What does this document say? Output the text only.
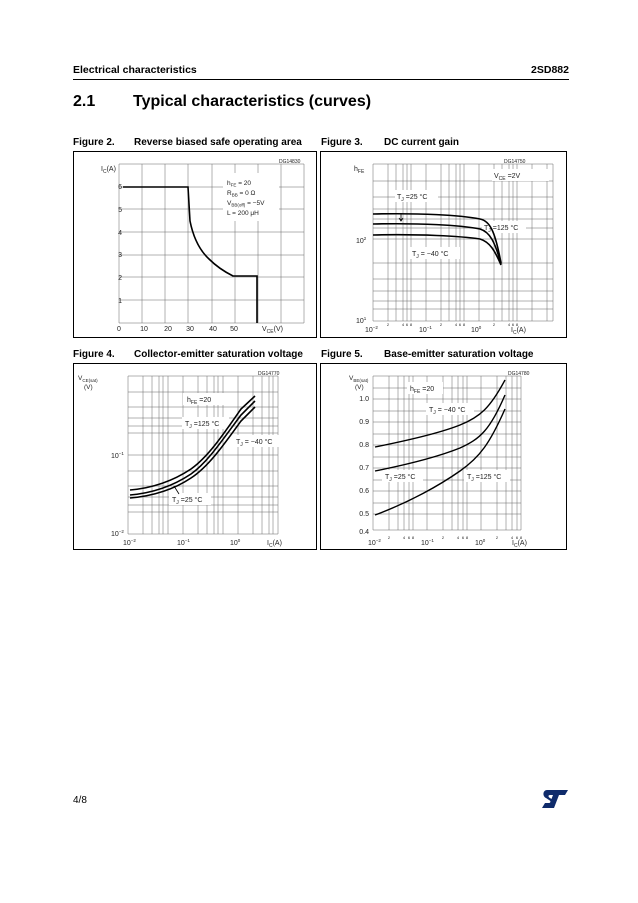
Electrical characteristics	2SD882
2.1 Typical characteristics (curves)
Figure 2. Reverse biased safe operating area Figure 3. DC current gain
Figure 4. Collector-emitter saturation voltage Figure 5. Base-emitter saturation voltage
DG14830
$I_C(A)$
6
5
4
3
2
1
0	10 20 30 40 50	$V_{CE}(V)$
$h_{FE} = 20$
$R_{BB} = 0$ Ω
$V_{BB(off)} = -5V$
L = 200 μH
DG14750
$h_{FE}$
$V_{CE} =2V$
$T_J =25$ °C
$T_J =125$ °C
$T_J = -40$ °C
$10^2$
$10^1$
$10^{-2}$	$10^{-1}$	$10^0$
2	4 6 8	2	4 6 8	2	4 6 8
$I_C(A)$
DG14770
$V_{CE(sat)}$
(V)
$10^{-1}$
$10^{-2}$
$10^{-2}$	$10^{-1}$	$10^0$	$I_C(A)$
$h_{FE} =20$
$T_J =125$ °C
$T_J = -40$ °C
$T_J =25$ °C
DG14780
$V_{BE(sat)}$
(V)
1.0
0.9
0.8
0.7
0.6
0.5
0.4
$10^{-2}$	$10^{-1}$	$10^0$
2	4 6 8	2	4 6 8	2	4 6 8
$I_C(A)$
$h_{FE} =20$
$T_J = -40$ °C
$T_J =25$ °C	$T_J =125$ °C
4/8
